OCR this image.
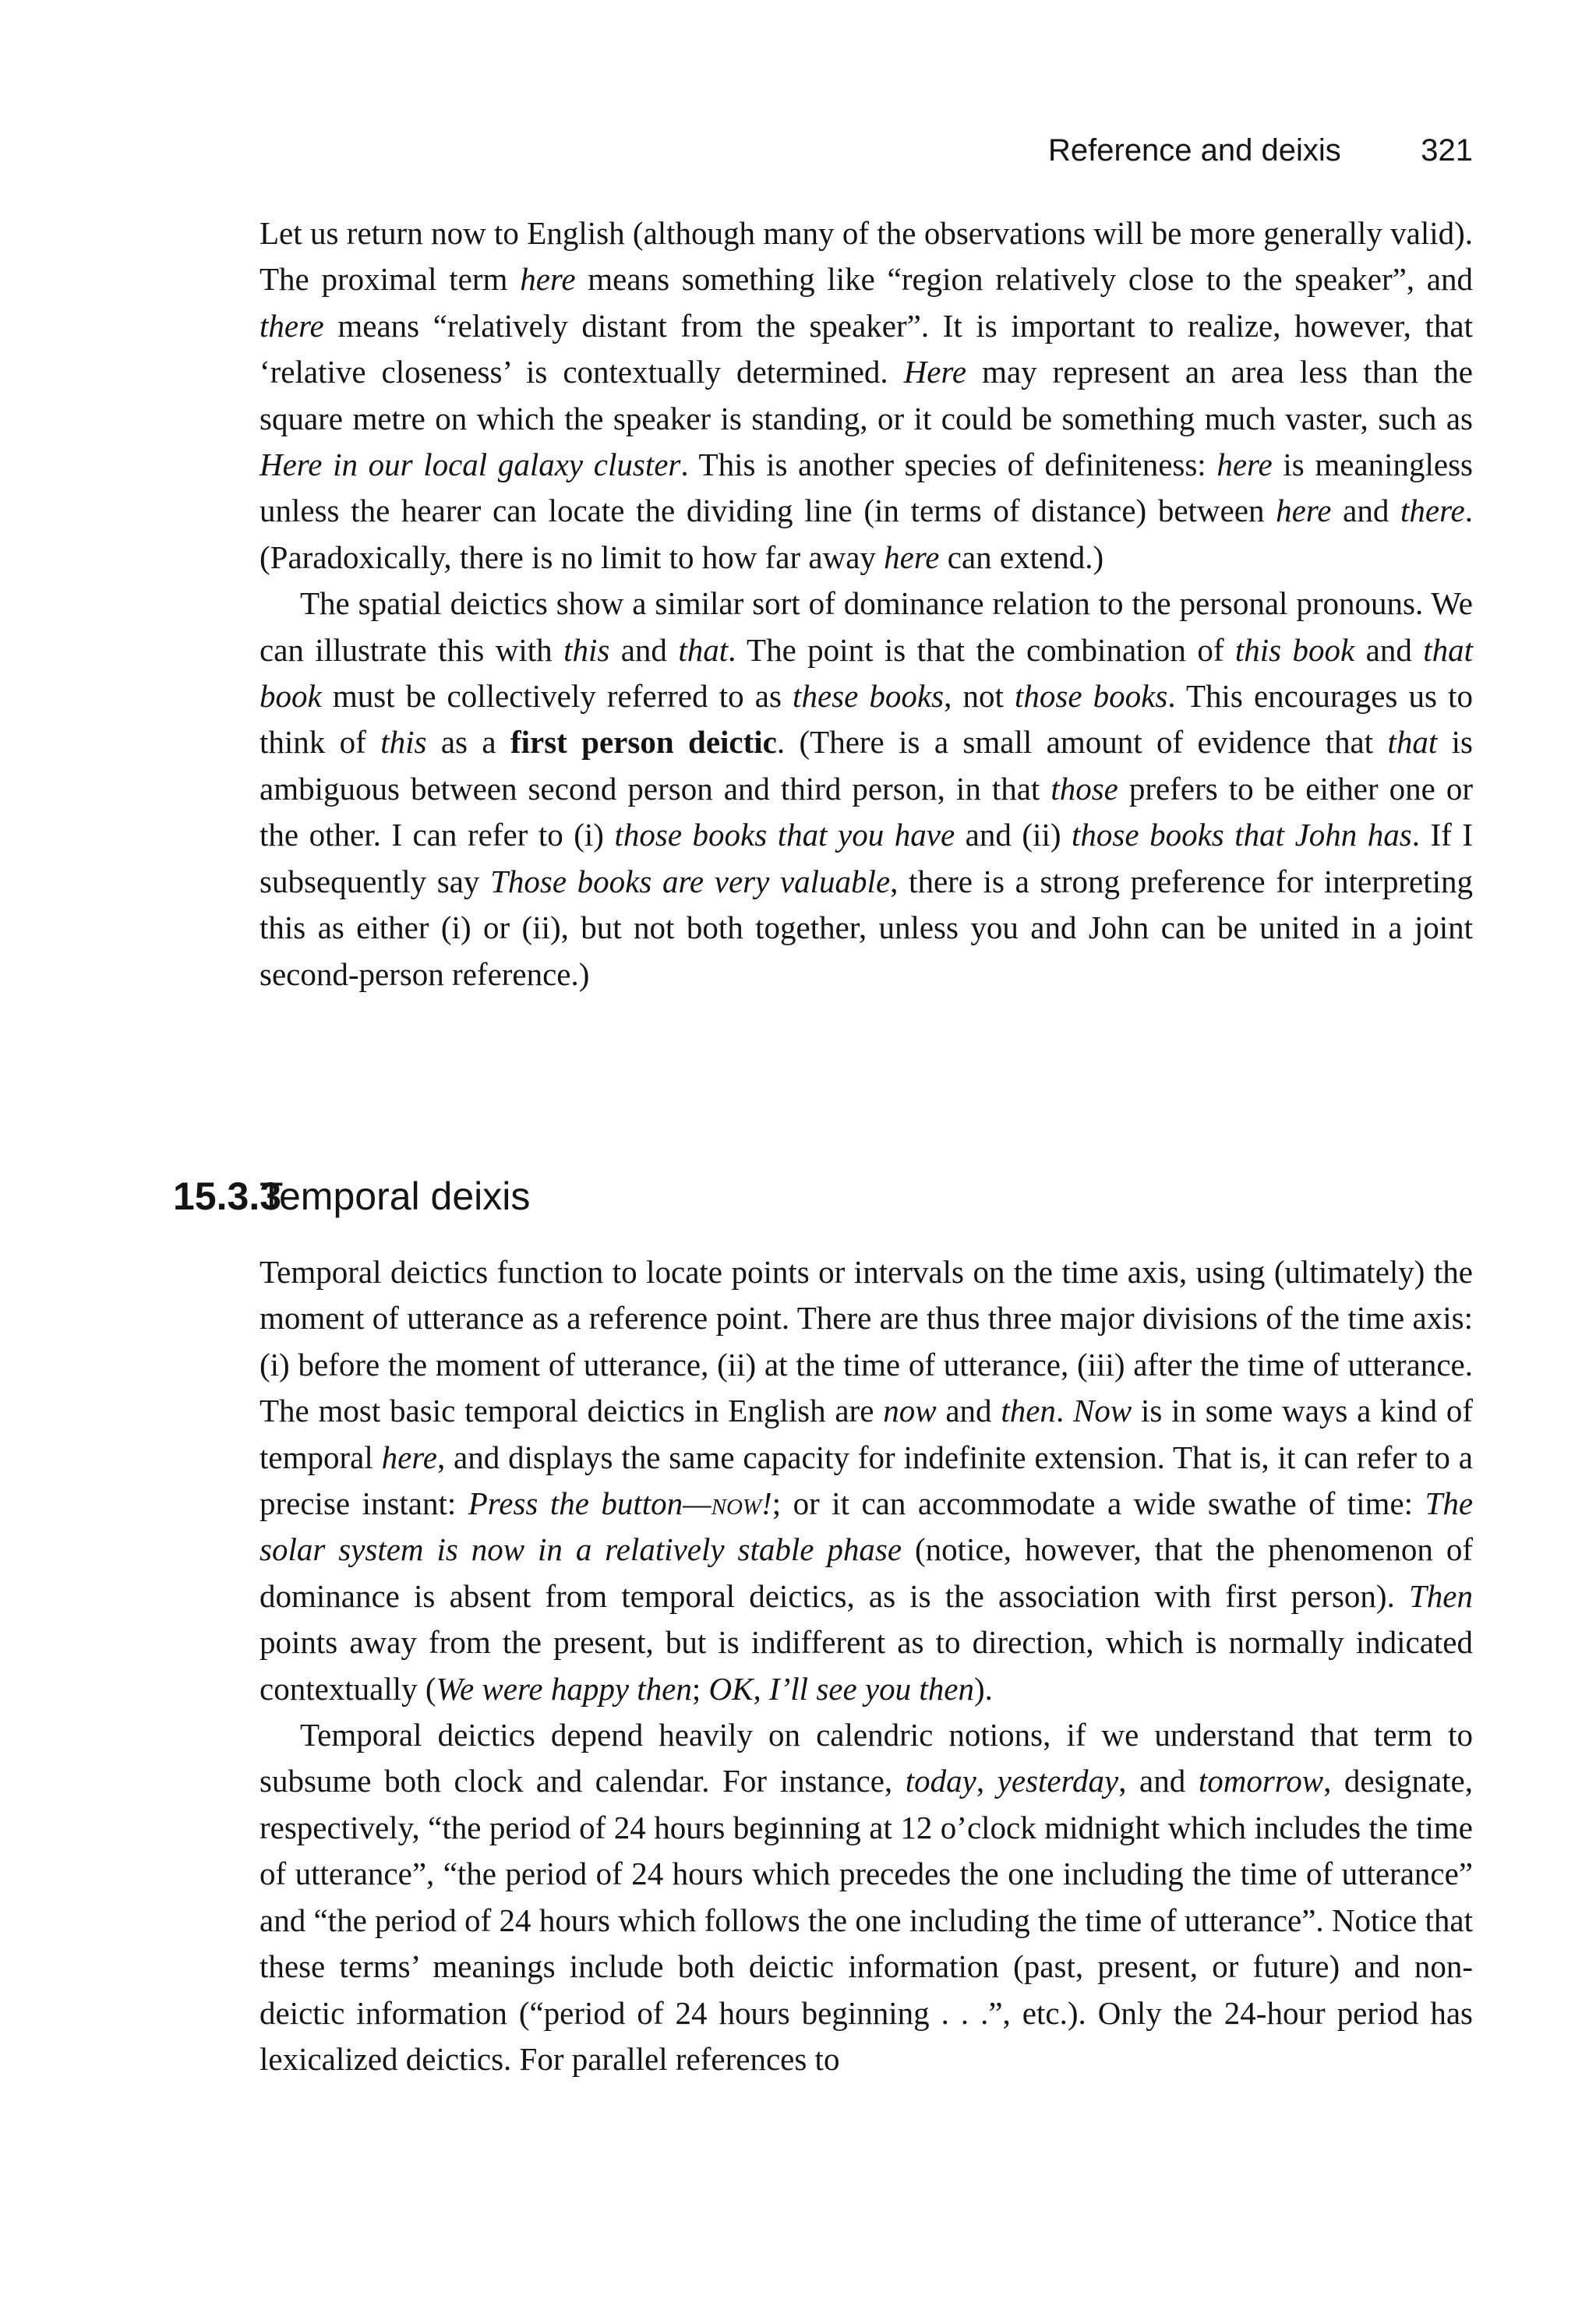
Reference and deixis	321

Let us return now to English (although many of the observations will be more generally valid). The proximal term here means something like “region relatively close to the speaker”, and there means “relatively distant from the speaker”. It is important to realize, however, that ‘relative closeness’ is contextually determined. Here may represent an area less than the square metre on which the speaker is standing, or it could be something much vaster, such as Here in our local galaxy cluster. This is another species of definiteness: here is meaningless unless the hearer can locate the dividing line (in terms of distance) between here and there. (Paradoxically, there is no limit to how far away here can extend.)

The spatial deictics show a similar sort of dominance relation to the personal pronouns. We can illustrate this with this and that. The point is that the combination of this book and that book must be collectively referred to as these books, not those books. This encourages us to think of this as a first person deictic. (There is a small amount of evidence that that is ambiguous between second person and third person, in that those prefers to be either one or the other. I can refer to (i) those books that you have and (ii) those books that John has. If I subsequently say Those books are very valuable, there is a strong preference for interpreting this as either (i) or (ii), but not both together, unless you and John can be united in a joint second-person reference.)

15.3.3Temporal deixis

Temporal deictics function to locate points or intervals on the time axis, using (ultimately) the moment of utterance as a reference point. There are thus three major divisions of the time axis: (i) before the moment of utterance, (ii) at the time of utterance, (iii) after the time of utterance. The most basic temporal deictics in English are now and then. Now is in some ways a kind of temporal here, and displays the same capacity for indefinite extension. That is, it can refer to a precise instant: Press the button—now!; or it can accommodate a wide swathe of time: The solar system is now in a relatively stable phase (notice, however, that the phenomenon of dominance is absent from temporal deictics, as is the association with first person). Then points away from the present, but is indifferent as to direction, which is normally indicated contextually (We were happy then; OK, I’ll see you then).

Temporal deictics depend heavily on calendric notions, if we understand that term to subsume both clock and calendar. For instance, today, yesterday, and tomorrow, designate, respectively, “the period of 24 hours beginning at 12 o’clock midnight which includes the time of utterance”, “the period of 24 hours which precedes the one including the time of utterance” and “the period of 24 hours which follows the one including the time of utterance”. Notice that these terms’ meanings include both deictic information (past, present, or future) and non-deictic information (“period of 24 hours beginning . . .”, etc.). Only the 24-hour period has lexicalized deictics. For parallel references to
